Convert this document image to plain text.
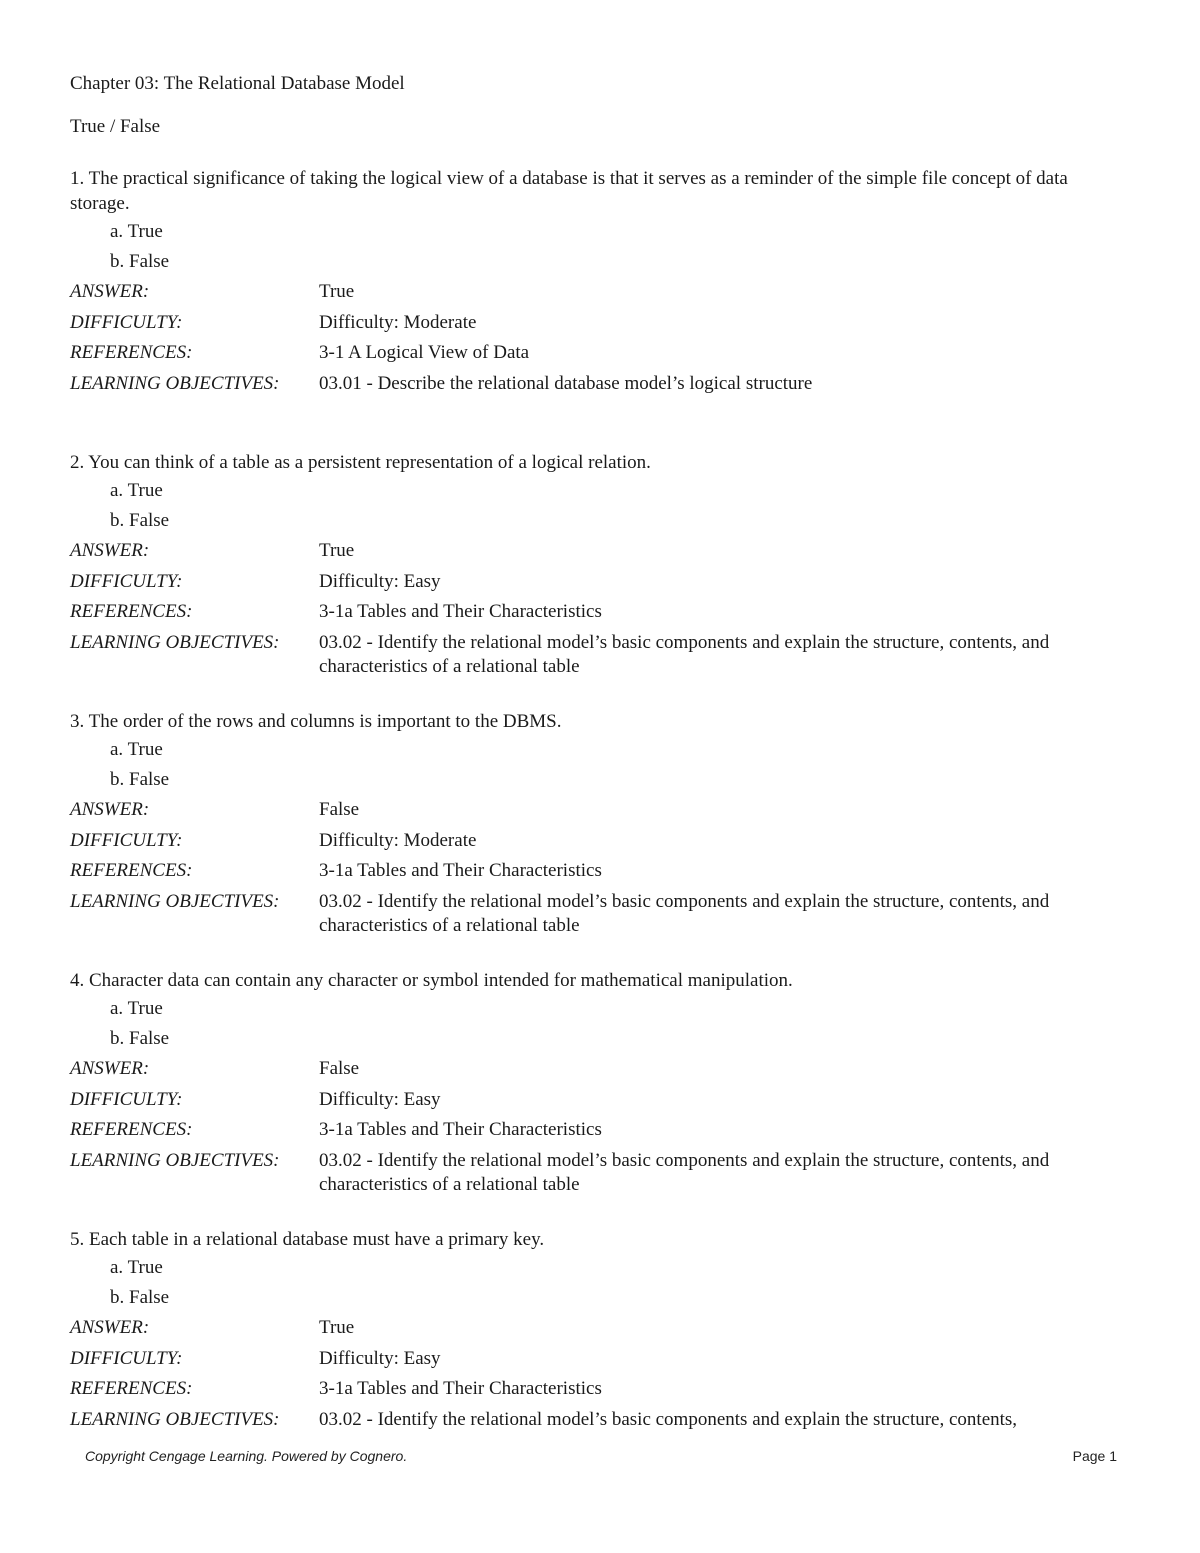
Chapter 03: The Relational Database Model
True / False

1. The practical significance of taking the logical view of a database is that it serves as a reminder of the simple file concept of data storage.

a. True
b. False
ANSWER:	True
DIFFICULTY:	Difficulty: Moderate
REFERENCES:	3-1 A Logical View of Data
LEARNING OBJECTIVES:	03.01 - Describe the relational database model’s logical structure

2. You can think of a table as a persistent representation of a logical relation.

a. True
b. False
ANSWER:	True
DIFFICULTY:	Difficulty: Easy
REFERENCES:	3-1a Tables and Their Characteristics
LEARNING OBJECTIVES:	03.02 - Identify the relational model’s basic components and explain the structure, contents, and characteristics of a relational table

3. The order of the rows and columns is important to the DBMS.

a. True
b. False
ANSWER:	False
DIFFICULTY:	Difficulty: Moderate
REFERENCES:	3-1a Tables and Their Characteristics
LEARNING OBJECTIVES:	03.02 - Identify the relational model’s basic components and explain the structure, contents, and characteristics of a relational table

4. Character data can contain any character or symbol intended for mathematical manipulation.

a. True
b. False
ANSWER:	False
DIFFICULTY:	Difficulty: Easy
REFERENCES:	3-1a Tables and Their Characteristics
LEARNING OBJECTIVES:	03.02 - Identify the relational model’s basic components and explain the structure, contents, and characteristics of a relational table

5. Each table in a relational database must have a primary key.

a. True
b. False
ANSWER:	True
DIFFICULTY:	Difficulty: Easy
REFERENCES:	3-1a Tables and Their Characteristics
LEARNING OBJECTIVES:	03.02 - Identify the relational model’s basic components and explain the structure, contents,
Copyright Cengage Learning. Powered by Cognero.	Page 1
